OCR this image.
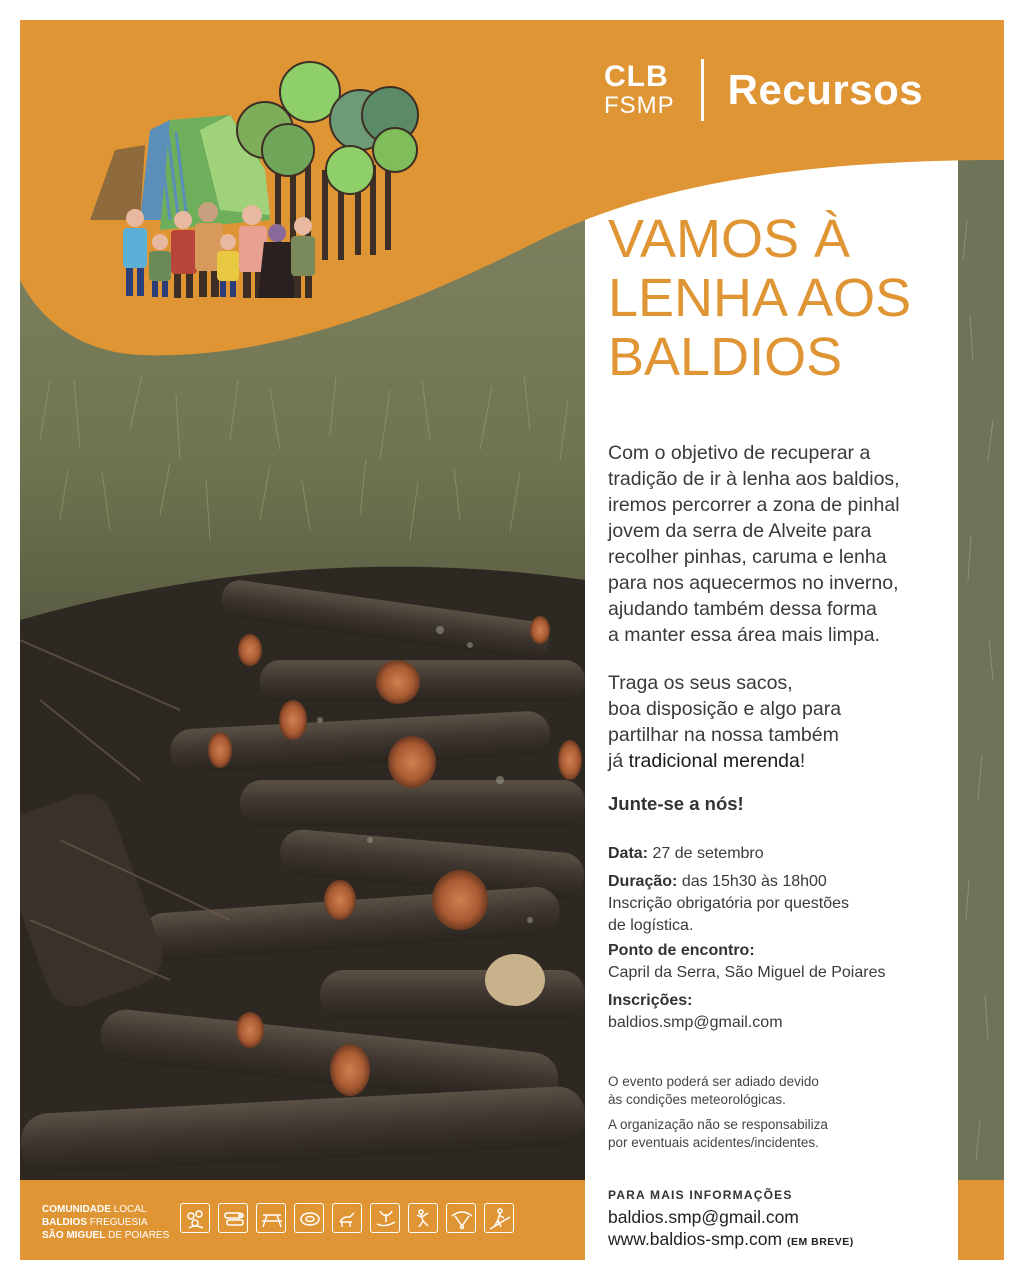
CLB
FSMP Recursos
VAMOS À
LENHA AOS
BALDIOS
Com o objetivo de recuperar a
tradição de ir à lenha aos baldios,
iremos percorrer a zona de pinhal
jovem da serra de Alveite para
recolher pinhas, caruma e lenha
para nos aquecermos no inverno,
ajudando também dessa forma
a manter essa área mais limpa.
Traga os seus sacos,
boa disposição e algo para
partilhar na nossa também
já tradicional merenda!
Junte-se a nós!
Data: 27 de setembro
Duração: das 15h30 às 18h00
Inscrição obrigatória por questões
de logística.
Ponto de encontro:
Capril da Serra, São Miguel de Poiares
Inscrições:
baldios.smp@gmail.com
O evento poderá ser adiado devido
às condições meteorológicas.
A organização não se responsabiliza
por eventuais acidentes/incidentes.
PARA MAIS INFORMAÇÕES
baldios.smp@gmail.com
www.baldios-smp.com (EM BREVE)
COMUNIDADE LOCAL
BALDIOS FREGUESIA
SÃO MIGUEL DE POIARES
